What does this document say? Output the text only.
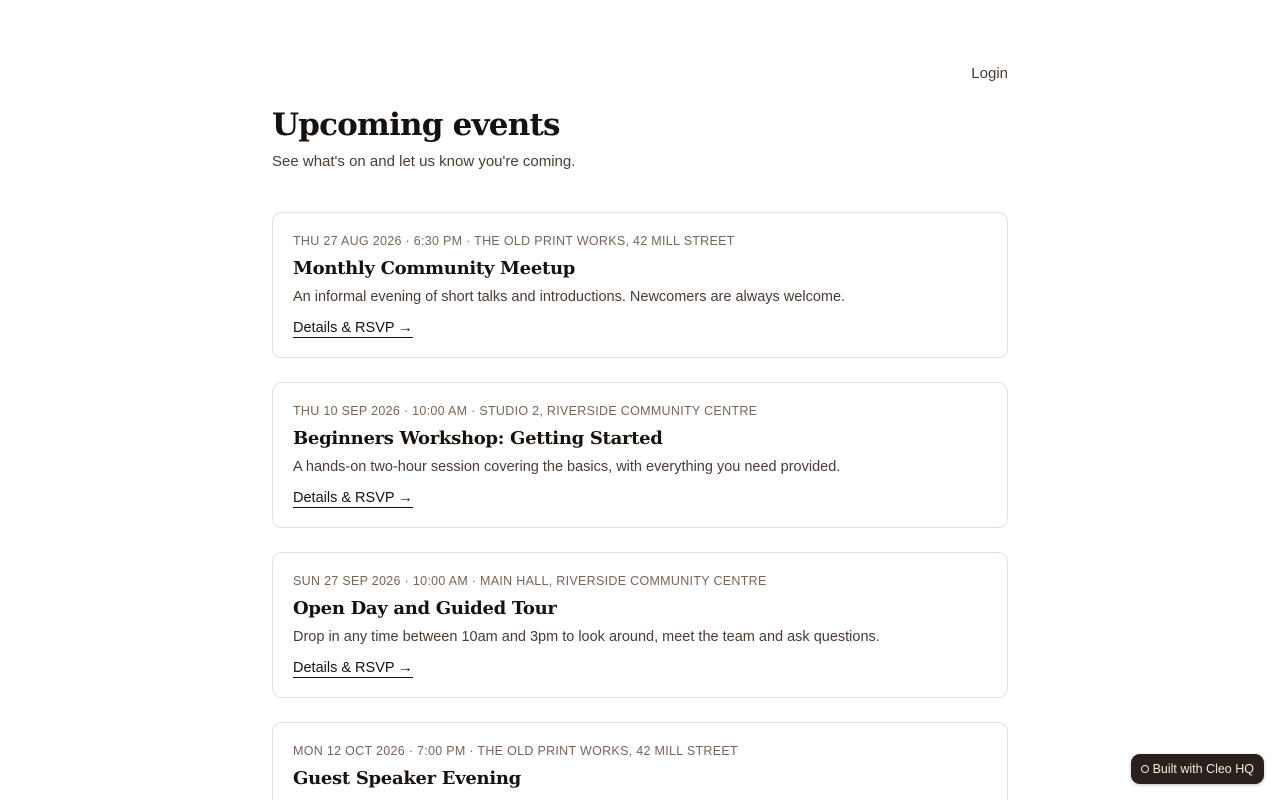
Login
Upcoming events

See what's on and let us know you're coming.

THU 27 AUG 2026 · 6:30 PM · THE OLD PRINT WORKS, 42 MILL STREET

Monthly Community Meetup

An informal evening of short talks and introductions. Newcomers are always welcome.

Details & RSVP →

THU 10 SEP 2026 · 10:00 AM · STUDIO 2, RIVERSIDE COMMUNITY CENTRE

Beginners Workshop: Getting Started

A hands-on two-hour session covering the basics, with everything you need provided.

Details & RSVP →

SUN 27 SEP 2026 · 10:00 AM · MAIN HALL, RIVERSIDE COMMUNITY CENTRE

Open Day and Guided Tour

Drop in any time between 10am and 3pm to look around, meet the team and ask questions.

Details & RSVP →

MON 12 OCT 2026 · 7:00 PM · THE OLD PRINT WORKS, 42 MILL STREET

Guest Speaker Evening	Built with Cleo HQ
